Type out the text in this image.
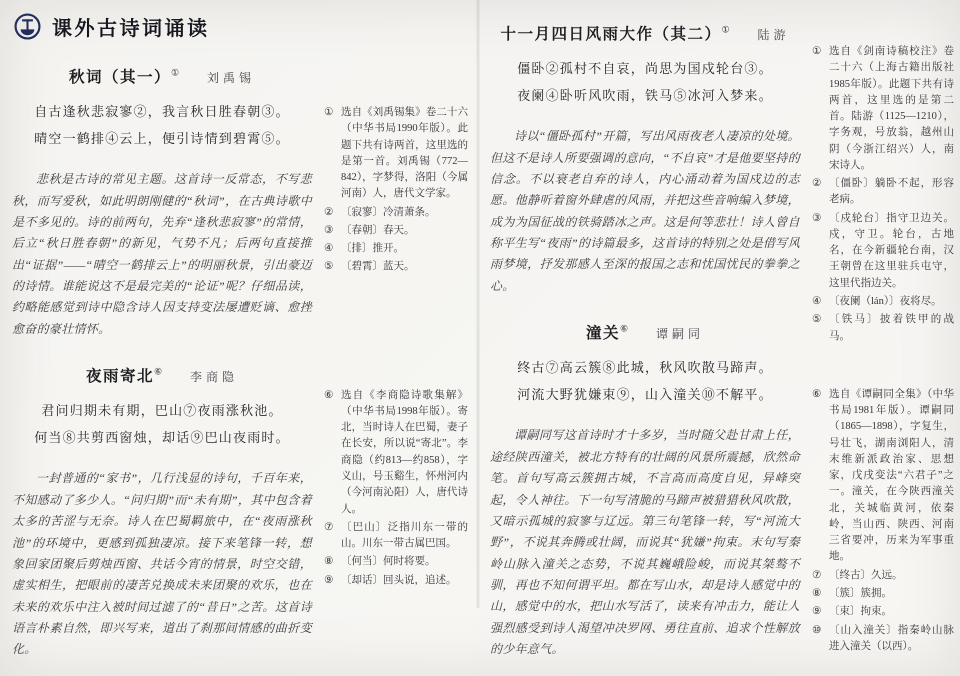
课外古诗词诵读
秋词（其一）① 刘禹锡
自古逢秋悲寂寥②，我言秋日胜春朝③。
晴空一鹤排④云上，便引诗情到碧霄⑤。
悲秋是古诗的常见主题。这首诗一反常态，不写悲秋，而写爱秋，如此明朗刚健的“秋词”，在古典诗歌中是不多见的。诗的前两句，先弃“逢秋悲寂寥”的常情，后立“秋日胜春朝”的新见，气势不凡；后两句直接推出“证据”——“晴空一鹤排云上”的明丽秋景，引出豪迈的诗情。谁能说这不是最完美的“论证”呢？仔细品读，约略能感觉到诗中隐含诗人因支持变法屡遭贬谪、愈挫愈奋的豪壮情怀。
夜雨寄北⑥ 李商隐
君问归期未有期，巴山⑦夜雨涨秋池。
何当⑧共剪西窗烛，却话⑨巴山夜雨时。
一封普通的“家书”，几行浅显的诗句，千百年来，不知感动了多少人。“问归期”而“未有期”，其中包含着太多的苦涩与无奈。诗人在巴蜀羁旅中，在“夜雨涨秋池”的环境中，更感到孤独凄凉。接下来笔锋一转，想象回家团聚后剪烛西窗、共话今宵的情景，时空交错，虚实相生，把眼前的凄苦兑换成未来团聚的欢乐，也在未来的欢乐中注入被时间过滤了的“昔日”之苦。这首诗语言朴素自然，即兴写来，道出了刹那间情感的曲折变化。
① 选自《刘禹锡集》卷二十六（中华书局1990年版）。此题下共有诗两首，这里选的是第一首。刘禹锡（772—842），字梦得，洛阳（今属河南）人，唐代文学家。
② 〔寂寥〕冷清萧条。
③ 〔春朝〕春天。
④ 〔排〕推开。
⑤ 〔碧霄〕蓝天。
⑥ 选自《李商隐诗歌集解》（中华书局1998年版）。寄北，当时诗人在巴蜀，妻子在长安，所以说“寄北”。李商隐（约813—约858），字义山，号玉谿生，怀州河内（今河南沁阳）人，唐代诗人。
⑦ 〔巴山〕泛指川东一带的山。川东一带古属巴国。
⑧ 〔何当〕何时将要。
⑨ 〔却话〕回头说，追述。
十一月四日风雨大作（其二）① 陆游
僵卧②孤村不自哀，尚思为国戍轮台③。
夜阑④卧听风吹雨，铁马⑤冰河入梦来。
诗以“僵卧孤村”开篇，写出风雨夜老人凄凉的处境。但这不是诗人所要强调的意向，“不自哀”才是他要坚持的信念。不以衰老自弃的诗人，内心涌动着为国戍边的志愿。他静听着窗外肆虐的风雨，并把这些音响编入梦境，成为为国征战的铁骑踏冰之声。这是何等悲壮！诗人曾自称平生写“夜雨”的诗篇最多，这首诗的特别之处是借写风雨梦境，抒发那感人至深的报国之志和忧国忧民的拳拳之心。
潼关⑥ 谭嗣同
终古⑦高云簇⑧此城，秋风吹散马蹄声。
河流大野犹嫌束⑨，山入潼关⑩不解平。
谭嗣同写这首诗时才十多岁，当时随父赴甘肃上任，途经陕西潼关，被北方特有的壮阔的风景所震撼，欣然命笔。首句写高云簇拥古城，不言高而高度自见，异峰突起，令人神往。下一句写清脆的马蹄声被猎猎秋风吹散，又暗示孤城的寂寥与辽远。第三句笔锋一转，写“河流大野”，不说其奔腾或壮阔，而说其“犹嫌”拘束。末句写秦岭山脉入潼关之态势，不说其巍峨险峻，而说其桀骜不驯，再也不知何谓平坦。都在写山水，却是诗人感觉中的山，感觉中的水，把山水写活了，读来有冲击力，能让人强烈感受到诗人渴望冲决罗网、勇往直前、追求个性解放的少年意气。
① 选自《剑南诗稿校注》卷二十六（上海古籍出版社1985年版）。此题下共有诗两首，这里选的是第二首。陆游（1125—1210），字务观，号放翁，越州山阴（今浙江绍兴）人，南宋诗人。
② 〔僵卧〕躺卧不起，形容老病。
③ 〔戍轮台〕指守卫边关。戍，守卫。轮台，古地名，在今新疆轮台南，汉王朝曾在这里驻兵屯守，这里代指边关。
④ 〔夜阑（lán）〕夜将尽。
⑤ 〔铁马〕披着铁甲的战马。
⑥ 选自《谭嗣同全集》（中华书局1981年版）。谭嗣同（1865—1898），字复生，号壮飞，湖南浏阳人，清末维新派政治家、思想家，戊戌变法“六君子”之一。潼关，在今陕西潼关北，关城临黄河，依秦岭，当山西、陕西、河南三省要冲，历来为军事重地。
⑦ 〔终古〕久远。
⑧ 〔簇〕簇拥。
⑨ 〔束〕拘束。
⑩ 〔山入潼关〕指秦岭山脉进入潼关（以西）。
